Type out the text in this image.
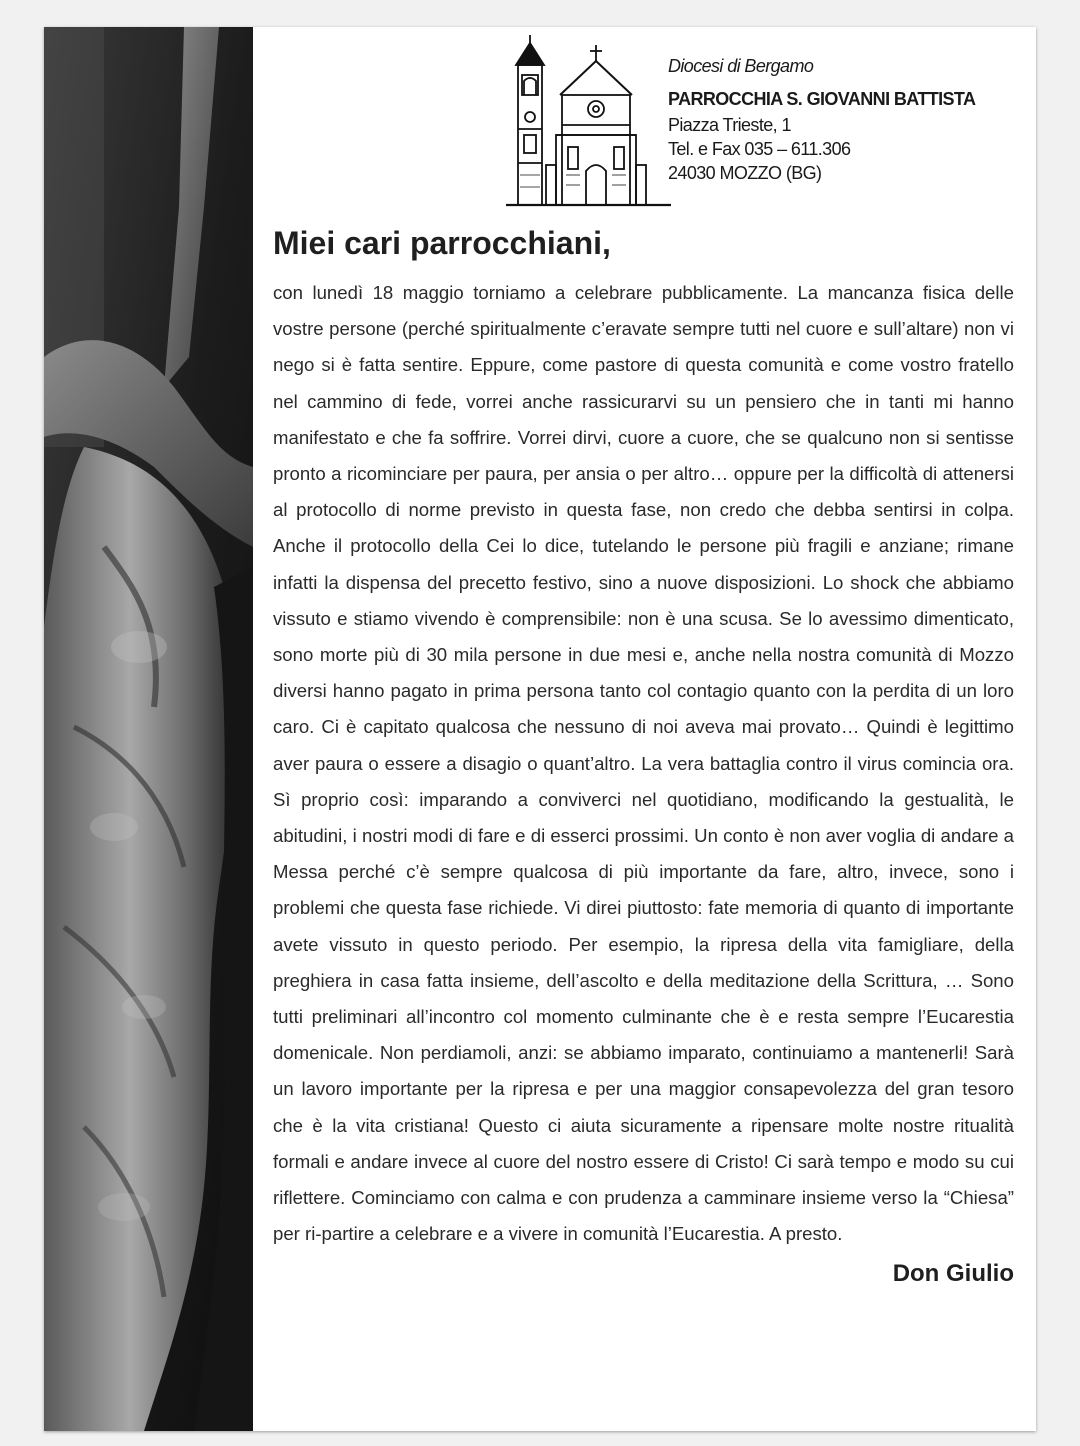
Diocesi di Bergamo
PARROCCHIA S. GIOVANNI BATTISTA
Piazza Trieste, 1
Tel. e Fax 035 – 611.306
24030 MOZZO (BG)
Miei cari parrocchiani,

con lunedì 18 maggio torniamo a celebrare pubblicamente. La mancanza fisica delle vostre persone (perché spiritualmente c’eravate sempre tutti nel cuore e sull’altare) non vi nego si è fatta sentire. Eppure, come pastore di questa comunità e come vostro fratello nel cammino di fede, vorrei anche rassicurarvi su un pensiero che in tanti mi hanno manifestato e che fa soffrire. Vorrei dirvi, cuore a cuore, che se qualcuno non si sentisse pronto a ricominciare per paura, per ansia o per altro… oppure per la difficoltà di attenersi al protocollo di norme previsto in questa fase, non credo che debba sentirsi in colpa. Anche il protocollo della Cei lo dice, tutelando le persone più fragili e anziane; rimane infatti la dispensa del precetto festivo, sino a nuove disposizioni. Lo shock che abbiamo vissuto e stiamo vivendo è comprensibile: non è una scusa. Se lo avessimo dimenticato, sono morte più di 30 mila persone in due mesi e, anche nella nostra comunità di Mozzo diversi hanno pagato in prima persona tanto col contagio quanto con la perdita di un loro caro. Ci è capitato qualcosa che nessuno di noi aveva mai provato… Quindi è legittimo aver paura o essere a disagio o quant’altro. La vera battaglia contro il virus comincia ora. Sì proprio così: imparando a conviverci nel quotidiano, modificando la gestualità, le abitudini, i nostri modi di fare e di esserci prossimi. Un conto è non aver voglia di andare a Messa perché c’è sempre qualcosa di più importante da fare, altro, invece, sono i problemi che questa fase richiede. Vi direi piuttosto: fate memoria di quanto di importante avete vissuto in questo periodo. Per esempio, la ripresa della vita famigliare, della preghiera in casa fatta insieme, dell’ascolto e della meditazione della Scrittura, … Sono tutti preliminari all’incontro col momento culminante che è e resta sempre l’Eucarestia domenicale. Non perdiamoli, anzi: se abbiamo imparato, continuiamo a mantenerli! Sarà un lavoro importante per la ripresa e per una maggior consapevolezza del gran tesoro che è la vita cristiana! Questo ci aiuta sicuramente a ripensare molte nostre ritualità formali e andare invece al cuore del nostro essere di Cristo! Ci sarà tempo e modo su cui riflettere. Cominciamo con calma e con prudenza a camminare insieme verso la “Chiesa” per ri-partire a celebrare e a vivere in comunità l’Eucarestia. A presto.

Don Giulio
